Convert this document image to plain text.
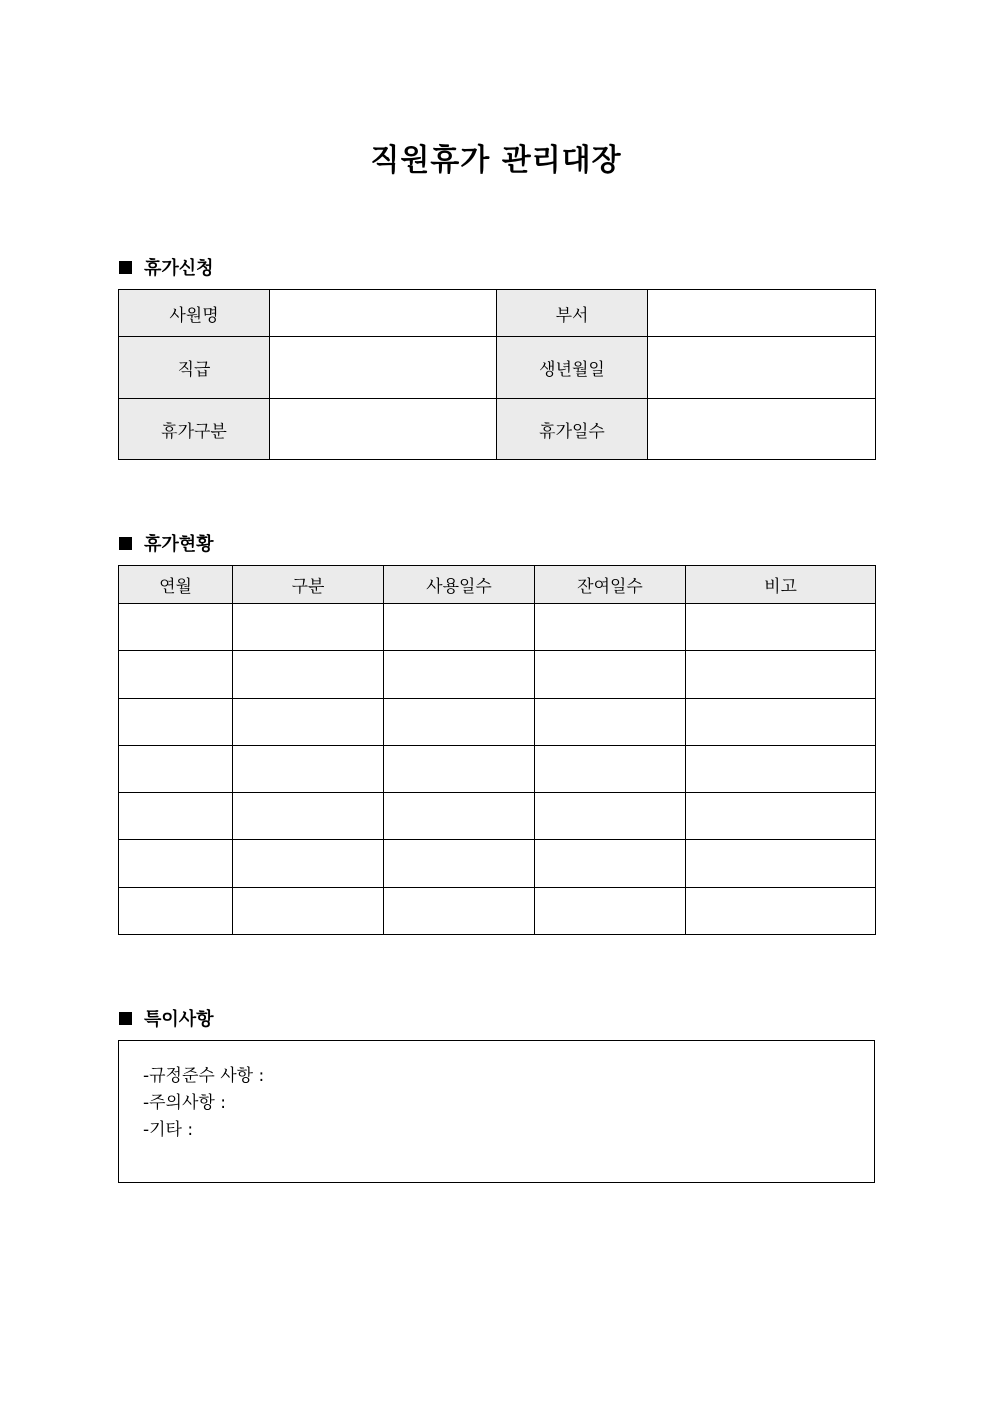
직원휴가 관리대장
휴가신청
사원명		부서	
직급		생년월일	
휴가구분		휴가일수	
휴가현황
연월	구분	사용일수	잔여일수	비고

특이사항
-규정준수 사항 :
-주의사항 :
-기타 :
